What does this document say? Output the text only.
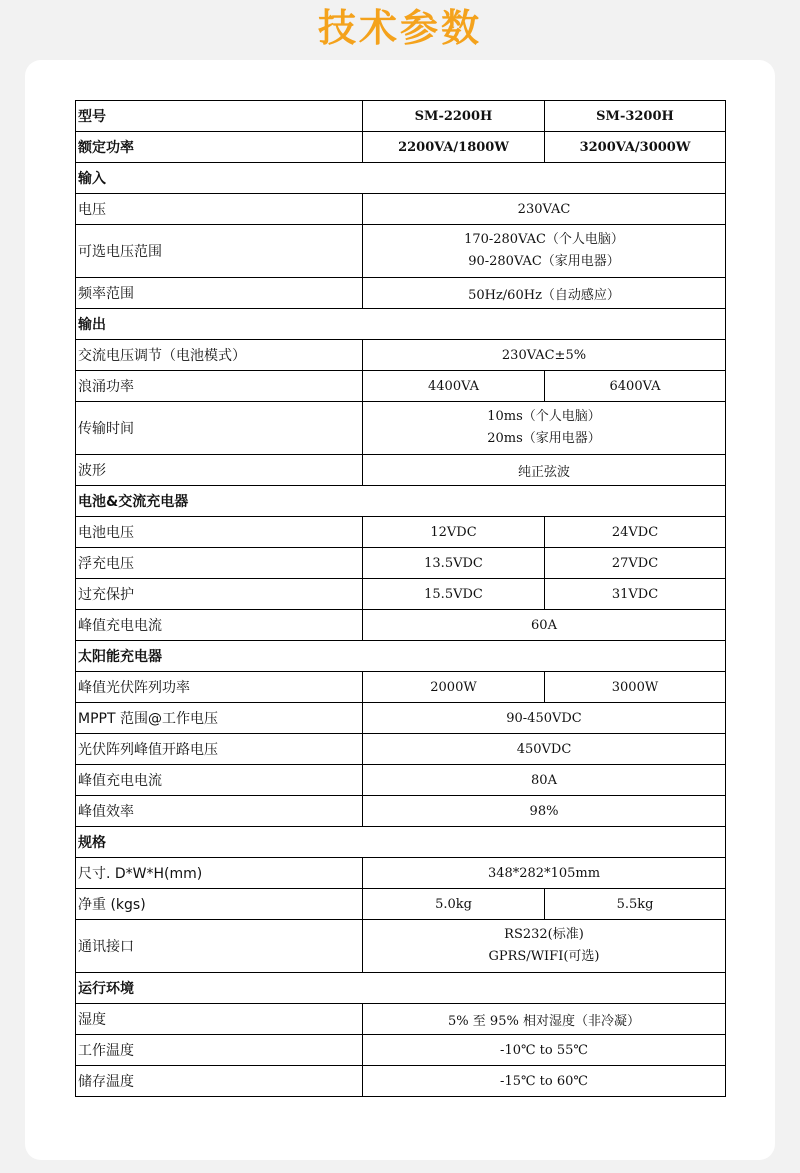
技术参数
型号	SM-2200H	SM-3200H
额定功率	2200VA/1800W	3200VA/3000W
输入		
电压	230VAC	
可选电压范围	170-280VAC（个人电脑）
90-280VAC（家用电器）	

频率范围	50Hz/60Hz（自动感应）	
输出		
交流电压调节（电池模式）	230VAC±5%	
浪涌功率	4400VA	6400VA
传输时间	10ms（个人电脑）
20ms（家用电器）	

波形	纯正弦波	
电池&交流充电器		
电池电压	12VDC	24VDC
浮充电压	13.5VDC	27VDC
过充保护	15.5VDC	31VDC
峰值充电电流	60A	
太阳能充电器		
峰值光伏阵列功率	2000W	3000W
MPPT 范围@工作电压	90-450VDC	
光伏阵列峰值开路电压	450VDC	
峰值充电电流	80A	
峰值效率	98%	
规格		
尺寸. D*W*H(mm)	348*282*105mm	
净重 (kgs)	5.0kg	5.5kg
通讯接口	RS232(标准)
GPRS/WIFI(可选)	

运行环境		
湿度	5% 至 95% 相对湿度（非冷凝）	
工作温度	-10℃ to 55℃	
储存温度	-15℃ to 60℃	
